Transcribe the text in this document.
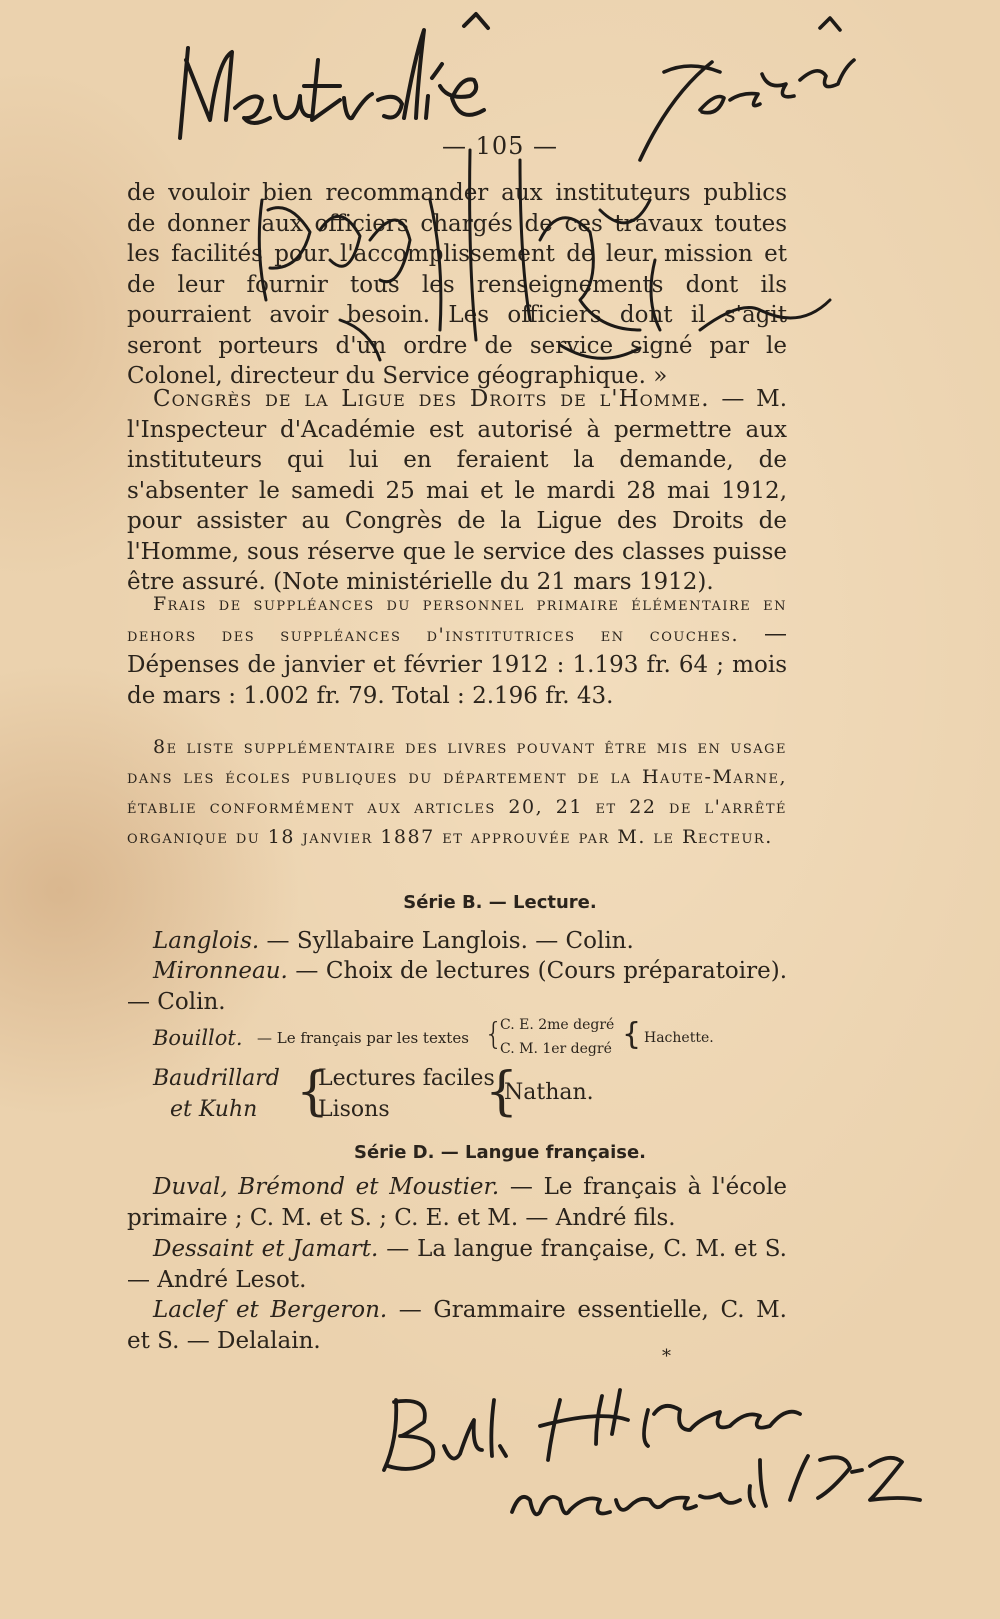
— 105 —

de vouloir bien recommander aux instituteurs publics de donner aux officiers chargés de ces travaux toutes les facilités pour l'accomplissement de leur mission et de leur fournir tous les renseignements dont ils pourraient avoir besoin. Les officiers dont il s'agit seront porteurs d'un ordre de service signé par le Colonel, directeur du Service géographique. »

Congrès de la Ligue des Droits de l'Homme. — M. l'Inspecteur d'Académie est autorisé à permettre aux instituteurs qui lui en feraient la demande, de s'absenter le samedi 25 mai et le mardi 28 mai 1912, pour assister au Congrès de la Ligue des Droits de l'Homme, sous réserve que le service des classes puisse être assuré. (Note ministérielle du 21 mars 1912).

Frais de suppléances du personnel primaire élémentaire en dehors des suppléances d'institutrices en couches. — Dépenses de janvier et février 1912 : 1.193 fr. 64 ; mois de mars : 1.002 fr. 79. Total : 2.196 fr. 43.

8e liste supplémentaire des livres pouvant être mis en usage dans les écoles publiques du département de la Haute-Marne, établie conformément aux articles 20, 21 et 22 de l'arrêté organique du 18 janvier 1887 et approuvée par M. le Recteur.

Série B. — Lecture.

Langlois. — Syllabaire Langlois. — Colin.

Mironneau. — Choix de lectures (Cours préparatoire). — Colin.

Bouillot. — Le français par les textes {
C. E. 2me degré
C. M. 1er degré { Hachette.
Baudrillard
et Kuhn {
Lectures faciles
Lisons {
Nathan.
Série D. — Langue française.

Duval, Brémond et Moustier. — Le français à l'école primaire ; C. M. et S. ; C. E. et M. — André fils.

Dessaint et Jamart. — La langue française, C. M. et S. — André Lesot.

Laclef et Bergeron. — Grammaire essentielle, C. M. et S. — Delalain.

*
